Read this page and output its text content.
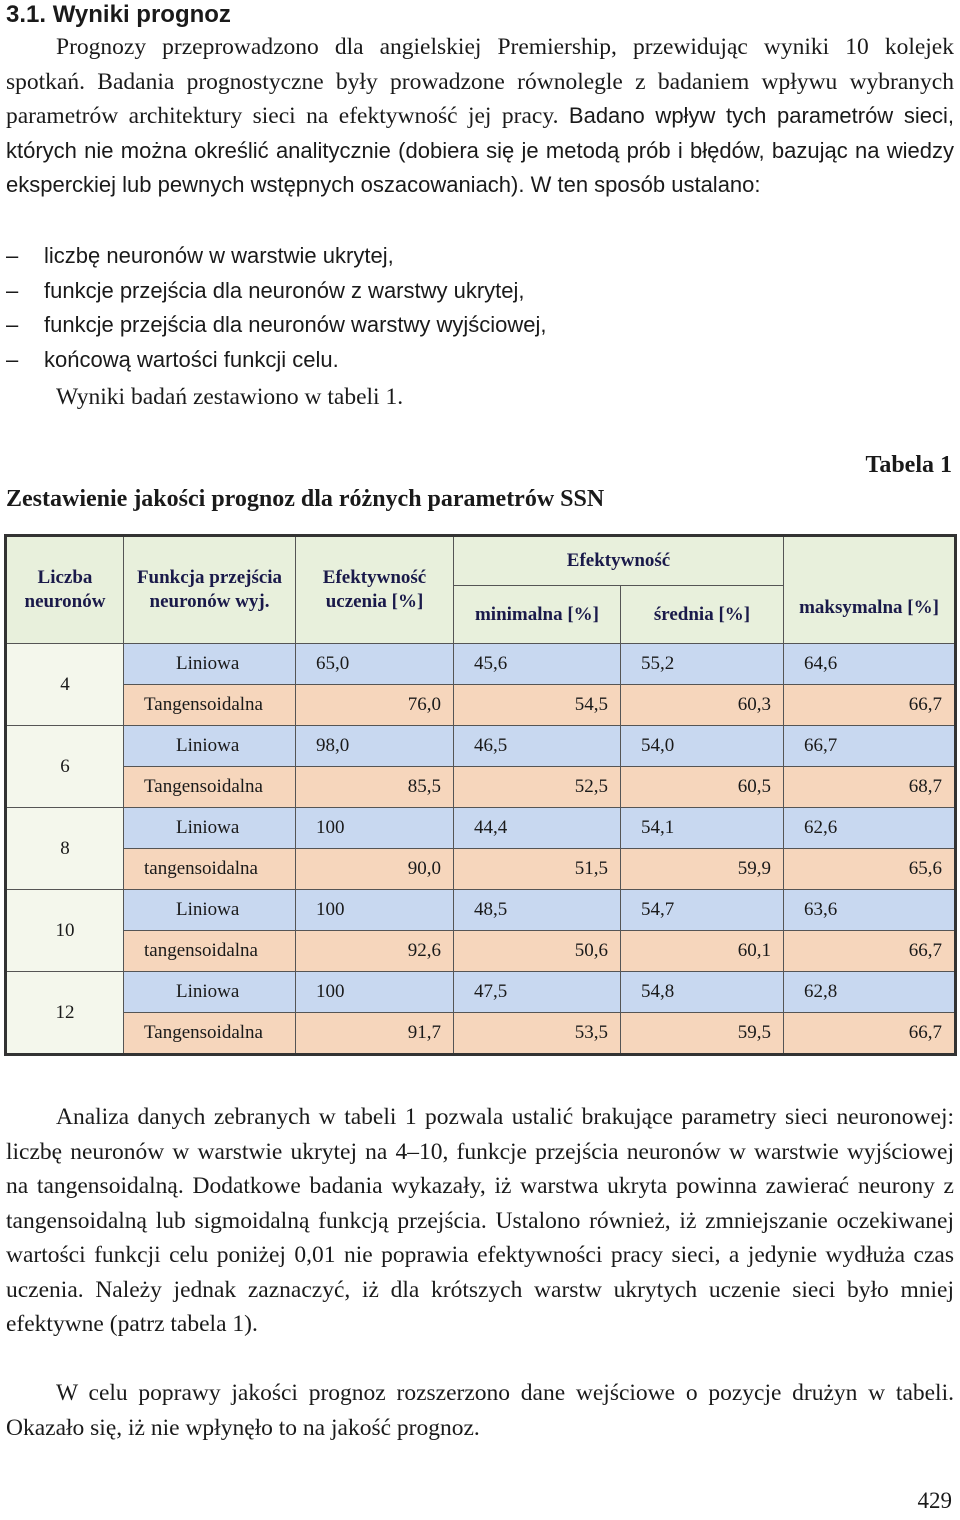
3.1. Wyniki prognoz

Prognozy przeprowadzono dla angielskiej Premiership, przewidując wyniki 10 kolejek spotkań. Badania prognostyczne były prowadzone równolegle z badaniem wpływu wybranych parametrów architektury sieci na efektywność jej pracy. Badano wpływ tych parametrów sieci, których nie można określić analitycznie (dobiera się je metodą prób i błędów, bazując na wiedzy eksperckiej lub pewnych wstępnych oszacowaniach). W ten sposób ustalano:

– liczbę neuronów w warstwie ukrytej,
– funkcje przejścia dla neuronów z warstwy ukrytej,
– funkcje przejścia dla neuronów warstwy wyjściowej,
– końcową wartości funkcji celu.
Wyniki badań zestawiono w tabeli 1.
Tabela 1
Zestawienie jakości prognoz dla różnych parametrów SSN
Liczba neuronów	Funkcja przejścia neuronów wyj.	Efektywność uczenia [%]	Efektywność		maksymalna [%]
			minimalna [%]	średnia [%]	
4	Liniowa	65,0	45,6	55,2	64,6
	Tangensoidalna	76,0	54,5	60,3	66,7
6	Liniowa	98,0	46,5	54,0	66,7
	Tangensoidalna	85,5	52,5	60,5	68,7
8	Liniowa	100	44,4	54,1	62,6
	tangensoidalna	90,0	51,5	59,9	65,6
10	Liniowa	100	48,5	54,7	63,6
	tangensoidalna	92,6	50,6	60,1	66,7
12	Liniowa	100	47,5	54,8	62,8
	Tangensoidalna	91,7	53,5	59,5	66,7

Analiza danych zebranych w tabeli 1 pozwala ustalić brakujące parametry sieci neuronowej: liczbę neuronów w warstwie ukrytej na 4–10, funkcje przejścia neuronów w warstwie wyjściowej na tangensoidalną. Dodatkowe badania wykazały, iż warstwa ukryta powinna zawierać neurony z tangensoidalną lub sigmoidalną funkcją przejścia. Ustalono również, iż zmniejszanie oczekiwanej wartości funkcji celu poniżej 0,01 nie poprawia efektywności pracy sieci, a jedynie wydłuża czas uczenia. Należy jednak zaznaczyć, iż dla krótszych warstw ukrytych uczenie sieci było mniej efektywne (patrz tabela 1).

W celu poprawy jakości prognoz rozszerzono dane wejściowe o pozycje drużyn w tabeli. Okazało się, iż nie wpłynęło to na jakość prognoz.

429
